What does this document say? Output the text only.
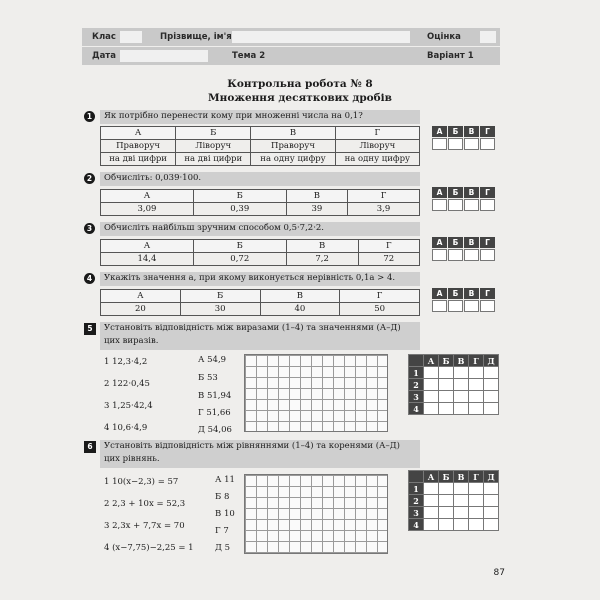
Клас	Прізвище, ім'я	Оцінка
Дата	Тема 2	Варіант 1
Контрольна робота № 8
Множення десяткових дробів
1	Як потрібно перенести кому при множенні числа на 0,1?
А	Б	В	Г
Праворуч	Ліворуч	Праворуч	Ліворуч
на дві цифри	на дві цифри	на одну цифру	на одну цифру
А	Б	В	Г
2	Обчисліть: 0,039·100.
А	Б	В	Г
3,09	0,39	39	3,9
А	Б	В	Г
3	Обчисліть найбільш зручним способом 0,5·7,2·2.
А	Б	В	Г
14,4	0,72	7,2	72
А	Б	В	Г
4	Укажіть значення a, при якому виконується нерівність 0,1a > 4.
А	Б	В	Г
20	30	40	50
А	Б	В	Г
5	Установіть відповідність між виразами (1–4) та значеннями (А–Д)
цих виразів.
1 12,3·4,2
2 122·0,45
3 1,25·42,4
4 10,6·4,9
А 54,9
Б 53
В 51,94
Г 51,66
Д 54,06
	А	Б	В	Г	Д
1					
2					
3					
4					
6	Установіть відповідність між рівняннями (1–4) та коренями (А–Д)
цих рівнянь.
1 10(x−2,3) = 57
2 2,3 + 10x = 52,3
3 2,3x + 7,7x = 70
4 (x−7,75)−2,25 = 1
А 11
Б 8
В 10
Г 7
Д 5
	А	Б	В	Г	Д
1					
2					
3					
4					
87
